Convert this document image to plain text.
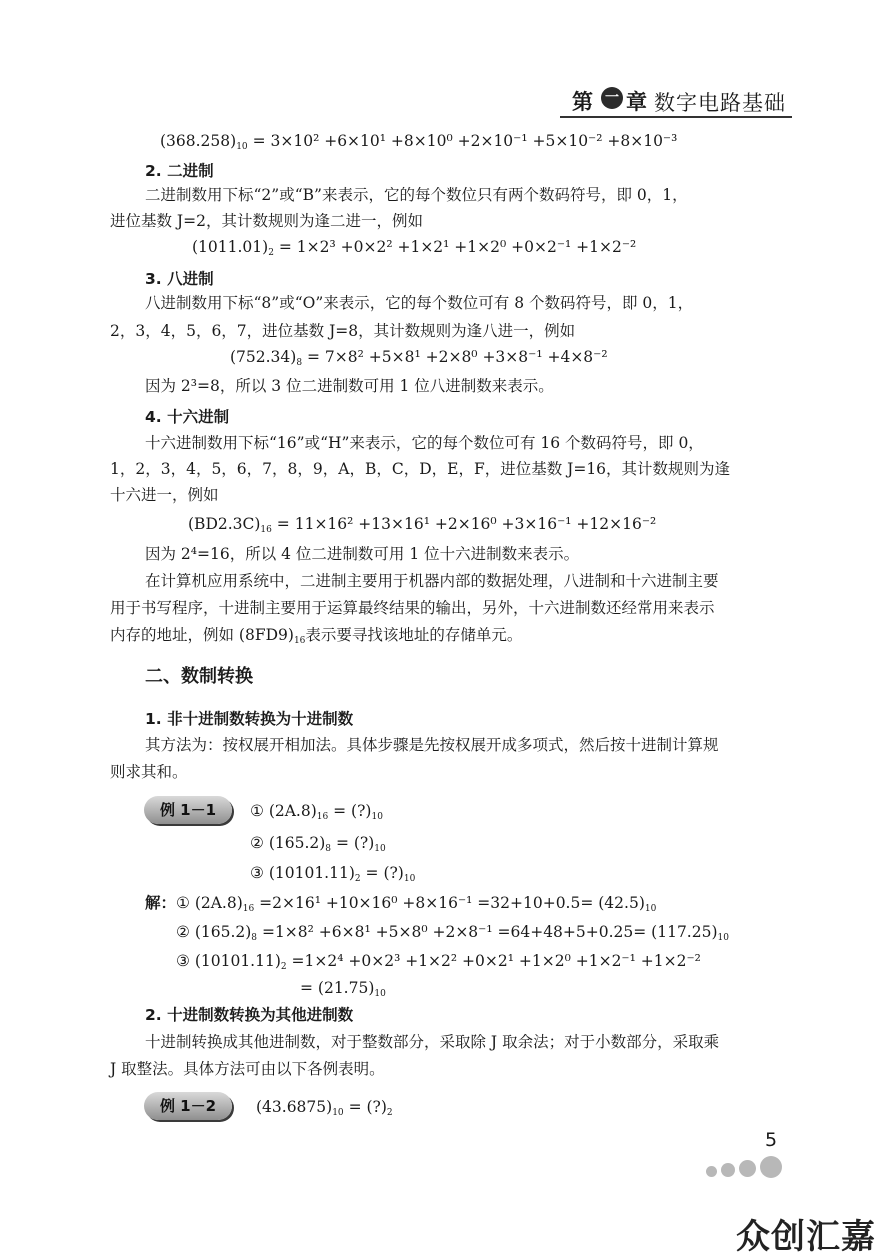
第 一 章 数字电路基础
$(368.258)_{10} = 3\times 10^2 +6\times 10^1 +8\times 10^0 +2\times 10^{-1} +5\times 10^{-2} +8\times 10^{-3}$
2. 二进制
二进制数用下标“2”或“B”来表示，它的每个数位只有两个数码符号，即 0，1，
进位基数 J=2，其计数规则为逢二进一，例如
$(1011.01)_2 = 1\times 2^3 +0\times 2^2 +1\times 2^1 +1\times 2^0 +0\times 2^{-1} +1\times 2^{-2}$
3. 八进制
八进制数用下标“8”或“O”来表示，它的每个数位可有 8 个数码符号，即 0，1，
2，3，4，5，6，7，进位基数 J=8，其计数规则为逢八进一，例如
$(752.34)_8 = 7\times 8^2 +5\times 8^1 +2\times 8^0 +3\times 8^{-1} +4\times 8^{-2}$
因为 2³=8，所以 3 位二进制数可用 1 位八进制数来表示。
4. 十六进制
十六进制数用下标“16”或“H”来表示，它的每个数位可有 16 个数码符号，即 0，
1，2，3，4，5，6，7，8，9，A，B，C，D，E，F，进位基数 J=16，其计数规则为逢
十六进一，例如
$(BD2.3C)_{16} = 11\times 16^2 +13\times 16^1 +2\times 16^0 +3\times 16^{-1} +12\times 16^{-2}$
因为 2⁴=16，所以 4 位二进制数可用 1 位十六进制数来表示。
在计算机应用系统中，二进制主要用于机器内部的数据处理，八进制和十六进制主要
用于书写程序，十进制主要用于运算最终结果的输出，另外，十六进制数还经常用来表示
内存的地址，例如 $(8FD9)_{16}$表示要寻找该地址的存储单元。
二、数制转换
1. 非十进制数转换为十进制数
其方法为：按权展开相加法。具体步骤是先按权展开成多项式，然后按十进制计算规
则求其和。
例 1－1	① $(2A.8)_{16}$ = $(?)_{10}$
② $(165.2)_8$ = $(?)_{10}$
③ $(10101.11)_2$ = $(?)_{10}$
解： ① $(2A.8)_{16} =2\times 16^1 +10\times 16^0 +8\times 16^{-1} =32+10+0.5= (42.5)_{10}$
② $(165.2)_8 =1\times 8^2 +6\times 8^1 +5\times 8^0 +2\times 8^{-1} =64+48+5+0.25= (117.25)_{10}$
③ $(10101.11)_2 =1\times 2^4 +0\times 2^3 +1\times 2^2 +0\times 2^1 +1\times 2^0 +1\times 2^{-1} +1\times 2^{-2}$
= $(21.75)_{10}$
2. 十进制数转换为其他进制数
十进制转换成其他进制数，对于整数部分，采取除 J 取余法；对于小数部分，采取乘
J 取整法。具体方法可由以下各例表明。
例 1－2	$(43.6875)_{10}$ = $(?)_2$
5
众创汇嘉
